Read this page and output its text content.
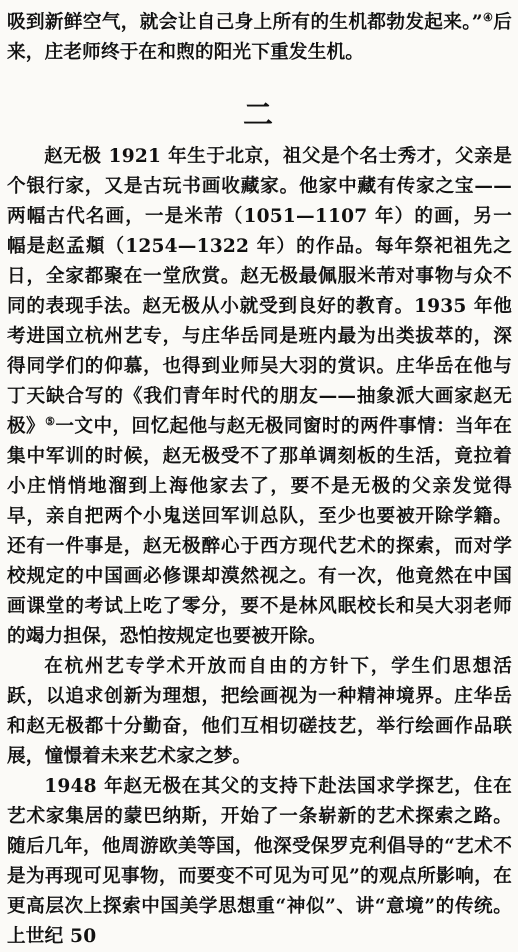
吸到新鲜空气，就会让自己身上所有的生机都勃发起来。”④后来，庄老师终于在和煦的阳光下重发生机。

二

赵无极 1921 年生于北京，祖父是个名士秀才，父亲是个银行家，又是古玩书画收藏家。他家中藏有传家之宝——两幅古代名画，一是米芾（1051—1107 年）的画，另一幅是赵孟頫（1254—1322 年）的作品。每年祭祀祖先之日，全家都聚在一堂欣赏。赵无极最佩服米芾对事物与众不同的表现手法。赵无极从小就受到良好的教育。1935 年他考进国立杭州艺专，与庄华岳同是班内最为出类拔萃的，深得同学们的仰慕，也得到业师吴大羽的赏识。庄华岳在他与丁天缺合写的《我们青年时代的朋友——抽象派大画家赵无极》⑤一文中，回忆起他与赵无极同窗时的两件事情：当年在集中军训的时候，赵无极受不了那单调刻板的生活，竟拉着小庄悄悄地溜到上海他家去了，要不是无极的父亲发觉得早，亲自把两个小鬼送回军训总队，至少也要被开除学籍。还有一件事是，赵无极醉心于西方现代艺术的探索，而对学校规定的中国画必修课却漠然视之。有一次，他竟然在中国画课堂的考试上吃了零分，要不是林风眠校长和吴大羽老师的竭力担保，恐怕按规定也要被开除。

在杭州艺专学术开放而自由的方针下，学生们思想活跃，以追求创新为理想，把绘画视为一种精神境界。庄华岳和赵无极都十分勤奋，他们互相切磋技艺，举行绘画作品联展，憧憬着未来艺术家之梦。

1948 年赵无极在其父的支持下赴法国求学探艺，住在艺术家集居的蒙巴纳斯，开始了一条崭新的艺术探索之路。随后几年，他周游欧美等国，他深受保罗克利倡导的“艺术不是为再现可见事物，而要变不可见为可见”的观点所影响，在更高层次上探索中国美学思想重“神似”、讲“意境”的传统。上世纪 50
